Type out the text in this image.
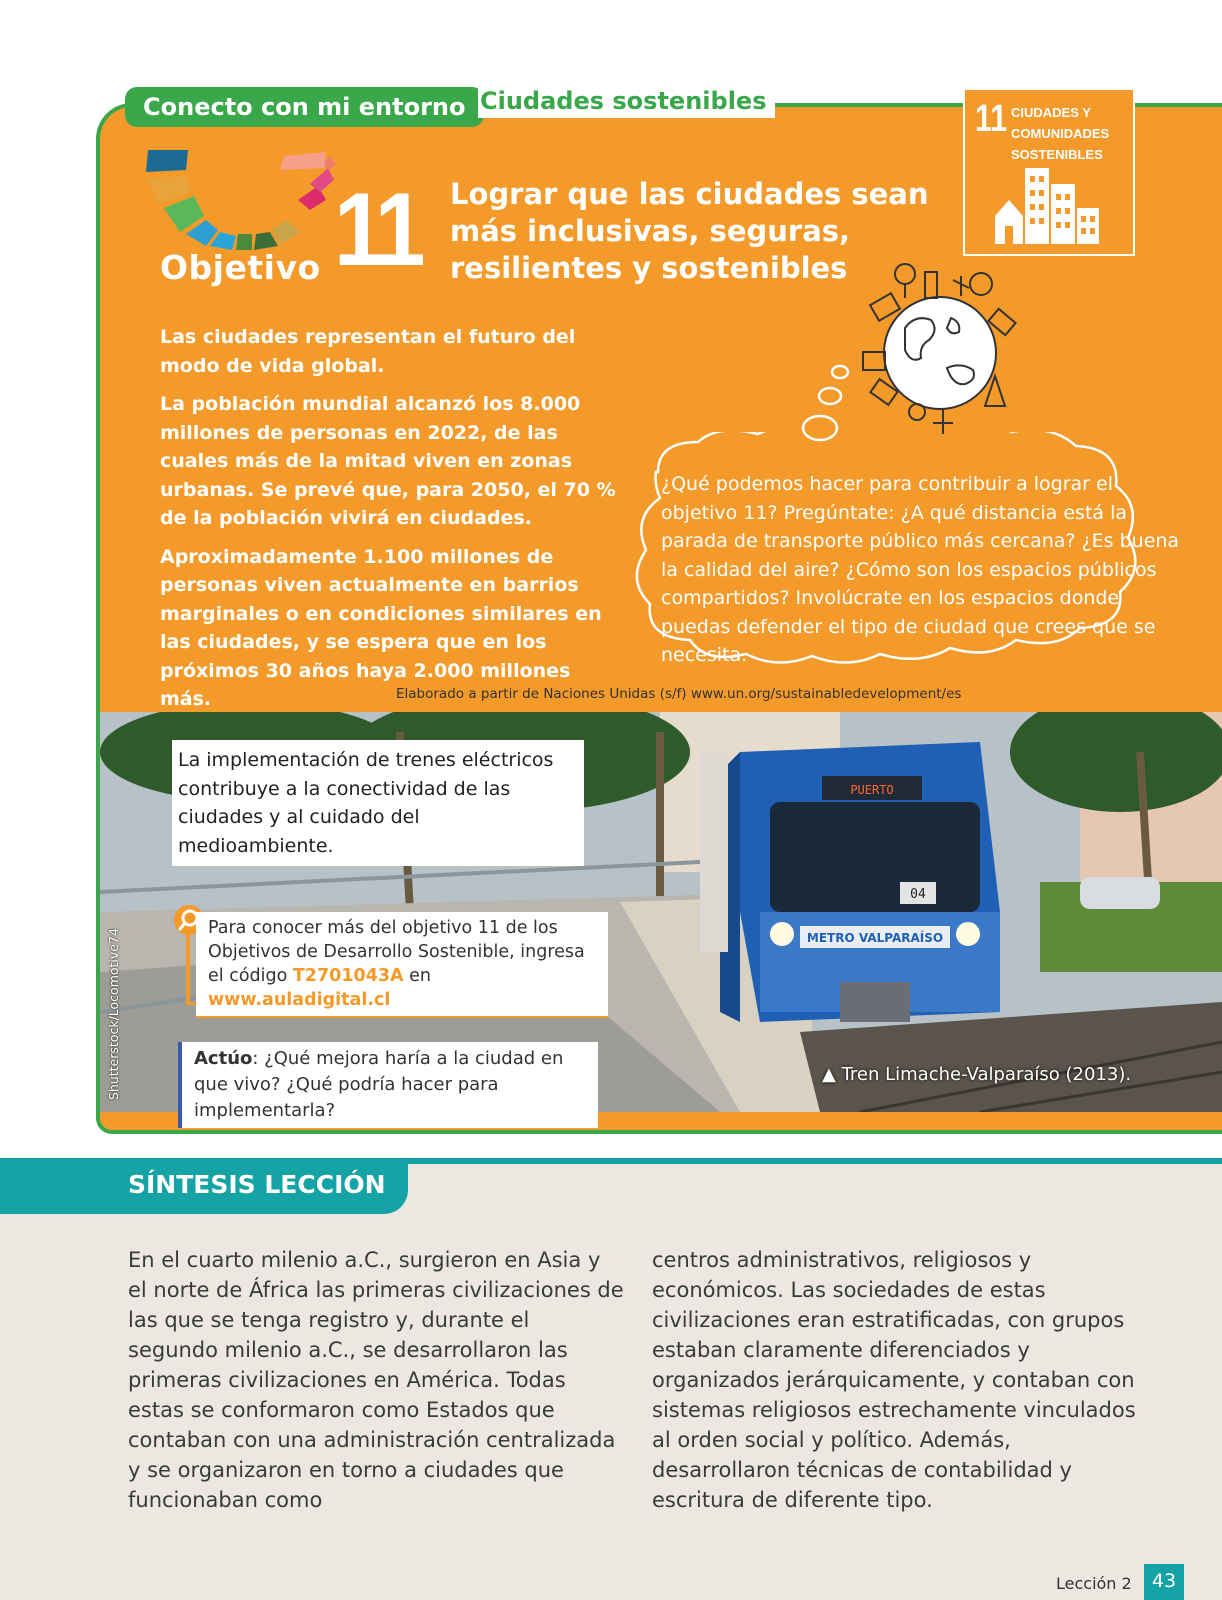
Conecto con mi entorno Ciudades sostenibles
Objetivo 11 Lograr que las ciudades sean más inclusivas, seguras, resilientes y sostenibles
11 CIUDADES Y
COMUNIDADES
SOSTENIBLES

Las ciudades representan el futuro del modo de vida global.

La población mundial alcanzó los 8.000 millones de personas en 2022, de las cuales más de la mitad viven en zonas urbanas. Se prevé que, para 2050, el 70 % de la población vivirá en ciudades.

Aproximadamente 1.100 millones de personas viven actualmente en barrios marginales o en condiciones similares en las ciudades, y se espera que en los próximos 30 años haya 2.000 millones más.

¿Qué podemos hacer para contribuir a lograr el objetivo 11? Pregúntate: ¿A qué distancia está la parada de transporte público más cercana? ¿Es buena la calidad del aire? ¿Cómo son los espacios públicos compartidos? Involúcrate en los espacios donde puedas defender el tipo de ciudad que crees que se necesita.
Elaborado a partir de Naciones Unidas (s/f) www.un.org/sustainabledevelopment/es
PUERTO
04
METRO VALPARAÍSO
Shutterstock/Locomotive74
La implementación de trenes eléctricos contribuye a la conectividad de las ciudades y al cuidado del medioambiente.
Para conocer más del objetivo 11 de los Objetivos de Desarrollo Sostenible, ingresa el código T2701043A en www.auladigital.cl
Actúo: ¿Qué mejora haría a la ciudad en que vivo? ¿Qué podría hacer para implementarla?
▲ Tren Limache-Valparaíso (2013).
SÍNTESIS LECCIÓN
En el cuarto milenio a.C., surgieron en Asia y el norte de África las primeras civilizaciones de las que se tenga registro y, durante el segundo milenio a.C., se desarrollaron las primeras civilizaciones en América. Todas estas se conformaron como Estados que contaban con una administración centralizada y se organizaron en torno a ciudades que funcionaban como
centros administrativos, religiosos y económicos. Las sociedades de estas civilizaciones eran estratificadas, con grupos estaban claramente diferenciados y organizados jerárquicamente, y contaban con sistemas religiosos estrechamente vinculados al orden social y político. Además, desarrollaron técnicas de contabilidad y escritura de diferente tipo.
Lección 2	43
